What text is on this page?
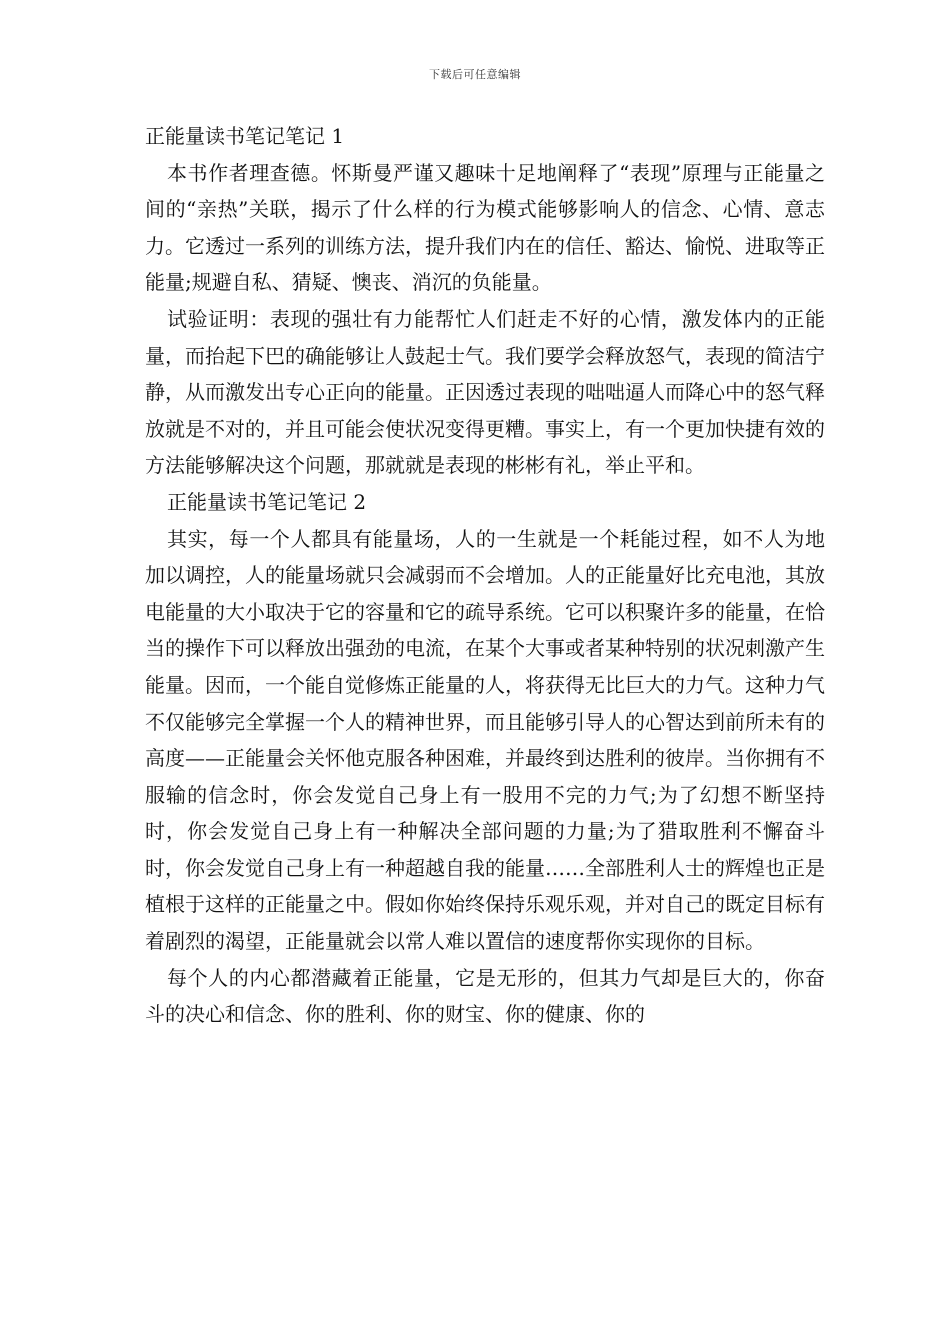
下载后可任意编辑

正能量读书笔记笔记 1

本书作者理查德。怀斯曼严谨又趣味十足地阐释了“表现”原理与正能量之间的“亲热”关联，揭示了什么样的行为模式能够影响人的信念、心情、意志力。它透过一系列的训练方法，提升我们内在的信任、豁达、愉悦、进取等正能量;规避自私、猜疑、懊丧、消沉的负能量。

试验证明：表现的强壮有力能帮忙人们赶走不好的心情，激发体内的正能量，而抬起下巴的确能够让人鼓起士气。我们要学会释放怒气，表现的简洁宁静，从而激发出专心正向的能量。正因透过表现的咄咄逼人而降心中的怒气释放就是不对的，并且可能会使状况变得更糟。事实上，有一个更加快捷有效的方法能够解决这个问题，那就就是表现的彬彬有礼，举止平和。

正能量读书笔记笔记 2

其实，每一个人都具有能量场，人的一生就是一个耗能过程，如不人为地加以调控，人的能量场就只会减弱而不会增加。人的正能量好比充电池，其放电能量的大小取决于它的容量和它的疏导系统。它可以积聚许多的能量，在恰当的操作下可以释放出强劲的电流，在某个大事或者某种特别的状况刺激产生能量。因而，一个能自觉修炼正能量的人，将获得无比巨大的力气。这种力气不仅能够完全掌握一个人的精神世界，而且能够引导人的心智达到前所未有的高度——正能量会关怀他克服各种困难，并最终到达胜利的彼岸。当你拥有不服输的信念时，你会发觉自己身上有一股用不完的力气;为了幻想不断坚持时，你会发觉自己身上有一种解决全部问题的力量;为了猎取胜利不懈奋斗时，你会发觉自己身上有一种超越自我的能量……全部胜利人士的辉煌也正是植根于这样的正能量之中。假如你始终保持乐观乐观，并对自己的既定目标有着剧烈的渴望，正能量就会以常人难以置信的速度帮你实现你的目标。

每个人的内心都潜藏着正能量，它是无形的，但其力气却是巨大的，你奋斗的决心和信念、你的胜利、你的财宝、你的健康、你的
